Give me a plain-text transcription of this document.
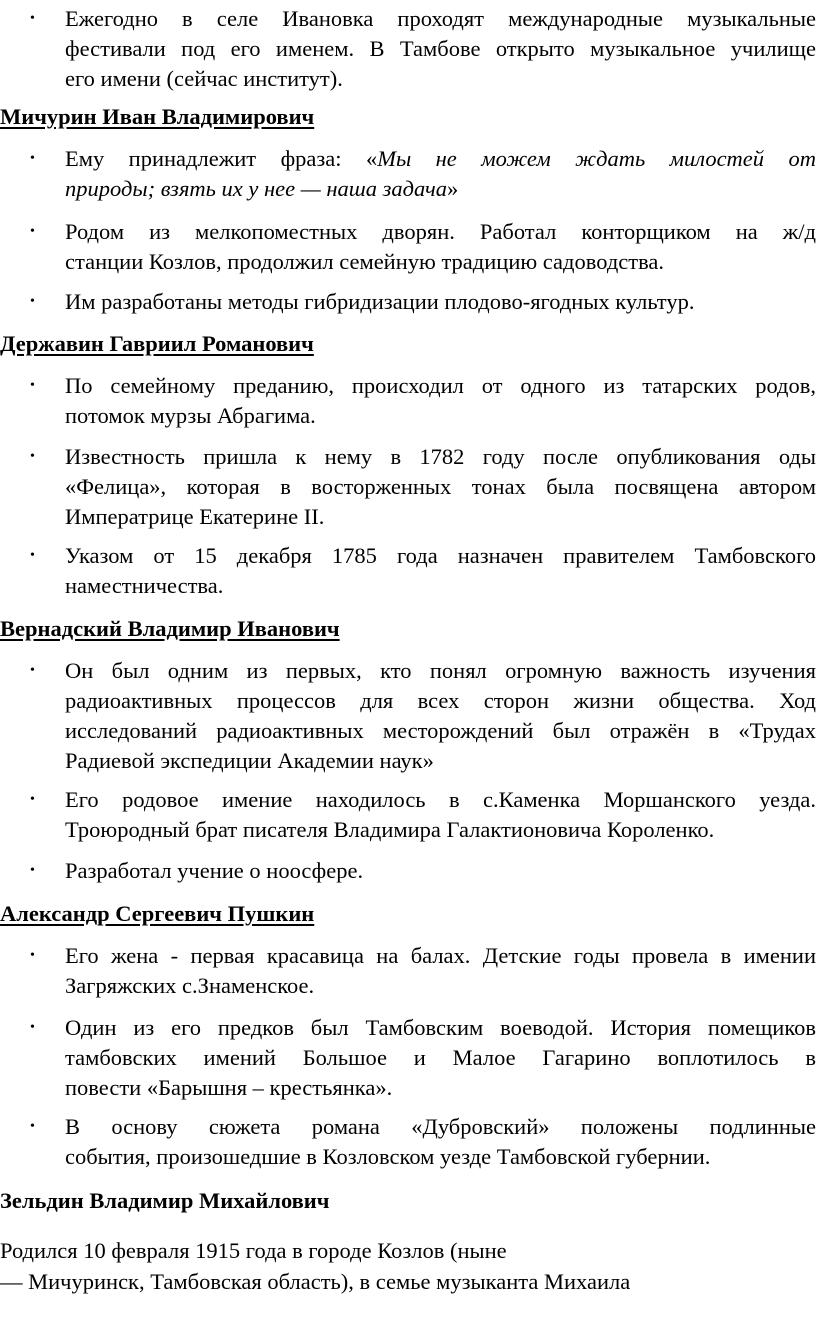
• Ежегодно в селе Ивановка проходят международные музыкальные
фестивали под его именем. В Тамбове открыто музыкальное училище
его имени (сейчас институт).
Мичурин Иван Владимирович
• Ему принадлежит фраза: «Мы не можем ждать милостей от
природы; взять их у нее — наша задача»
• Родом из мелкопоместных дворян. Работал конторщиком на ж/д
станции Козлов, продолжил семейную традицию садоводства.
• Им разработаны методы гибридизации плодово-ягодных культур.
Державин Гавриил Романович
• По семейному преданию, происходил от одного из татарских родов,
потомок мурзы Абрагима.
• Известность пришла к нему в 1782 году после опубликования оды
«Фелица», которая в восторженных тонах была посвящена автором
Императрице Екатерине II.
• Указом от 15 декабря 1785 года назначен правителем Тамбовского
наместничества.
Вернадский Владимир Иванович
• Он был одним из первых, кто понял огромную важность изучения
радиоактивных процессов для всех сторон жизни общества. Ход
исследований радиоактивных месторождений был отражён в «Трудах
Радиевой экспедиции Академии наук»
• Его родовое имение находилось в с.Каменка Моршанского уезда.
Троюродный брат писателя Владимира Галактионовича Короленко.
• Разработал учение о ноосфере.
Александр Сергеевич Пушкин
• Его жена - первая красавица на балах. Детские годы провела в имении
Загряжских с.Знаменское.
• Один из его предков был Тамбовским воеводой. История помещиков
тамбовских имений Большое и Малое Гагарино воплотилось в
повести «Барышня – крестьянка».
• В основу сюжета романа «Дубровский» положены подлинные
события, произошедшие в Козловском уезде Тамбовской губернии.
Зельдин Владимир Михайлович
Родился 10 февраля 1915 года в городе Козлов (ныне
— Мичуринск, Тамбовская область), в семье музыканта Михаила
